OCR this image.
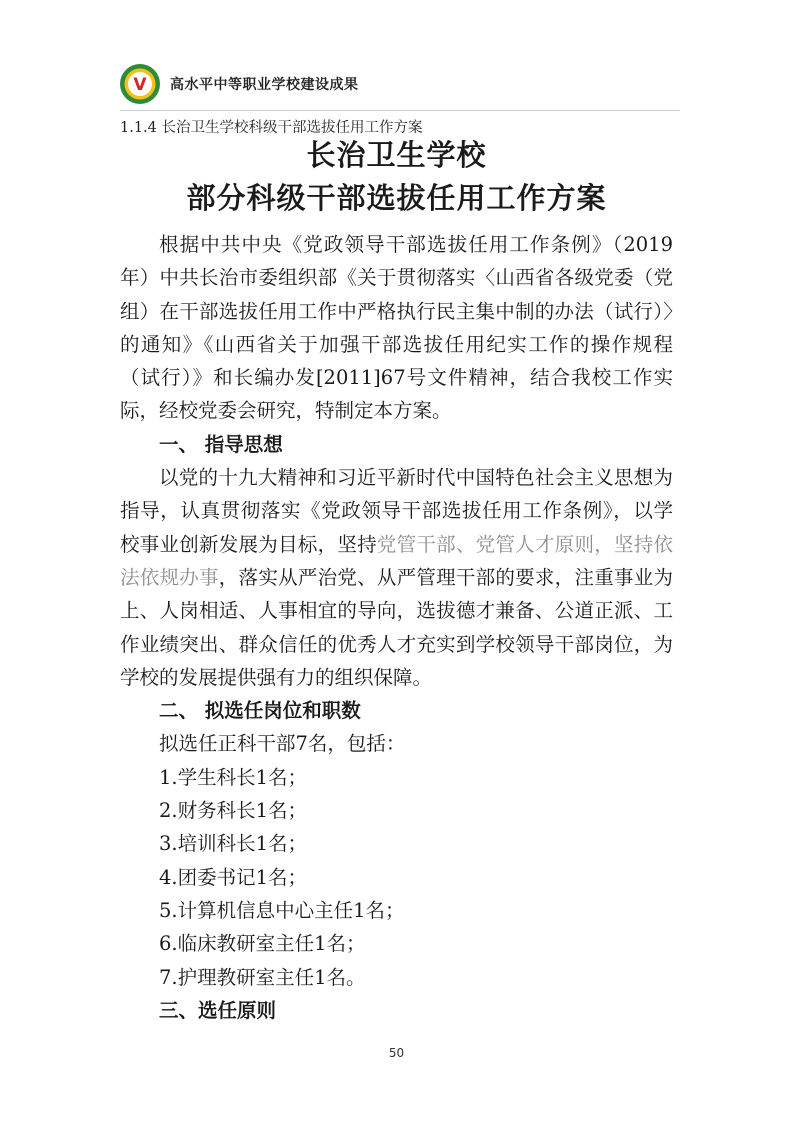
V 高水平中等职业学校建设成果
1.1.4 长治卫生学校科级干部选拔任用工作方案
长治卫生学校
部分科级干部选拔任用工作方案

根据中共中央《党政领导干部选拔任用工作条例》（2019年）中共长治市委组织部《关于贯彻落实〈山西省各级党委（党组）在干部选拔任用工作中严格执行民主集中制的办法（试行）〉的通知》《山西省关于加强干部选拔任用纪实工作的操作规程（试行）》和长编办发[2011]67号文件精神，结合我校工作实际，经校党委会研究，特制定本方案。

一、 指导思想

以党的十九大精神和习近平新时代中国特色社会主义思想为指导，认真贯彻落实《党政领导干部选拔任用工作条例》，以学校事业创新发展为目标，坚持党管干部、党管人才原则，坚持依法依规办事，落实从严治党、从严管理干部的要求，注重事业为上、人岗相适、人事相宜的导向，选拔德才兼备、公道正派、工作业绩突出、群众信任的优秀人才充实到学校领导干部岗位，为学校的发展提供强有力的组织保障。

二、 拟选任岗位和职数
拟选任正科干部7名，包括：
1.学生科长1名；
2.财务科长1名；
3.培训科长1名；
4.团委书记1名；
5.计算机信息中心主任1名；
6.临床教研室主任1名；
7.护理教研室主任1名。
三、选任原则
50
